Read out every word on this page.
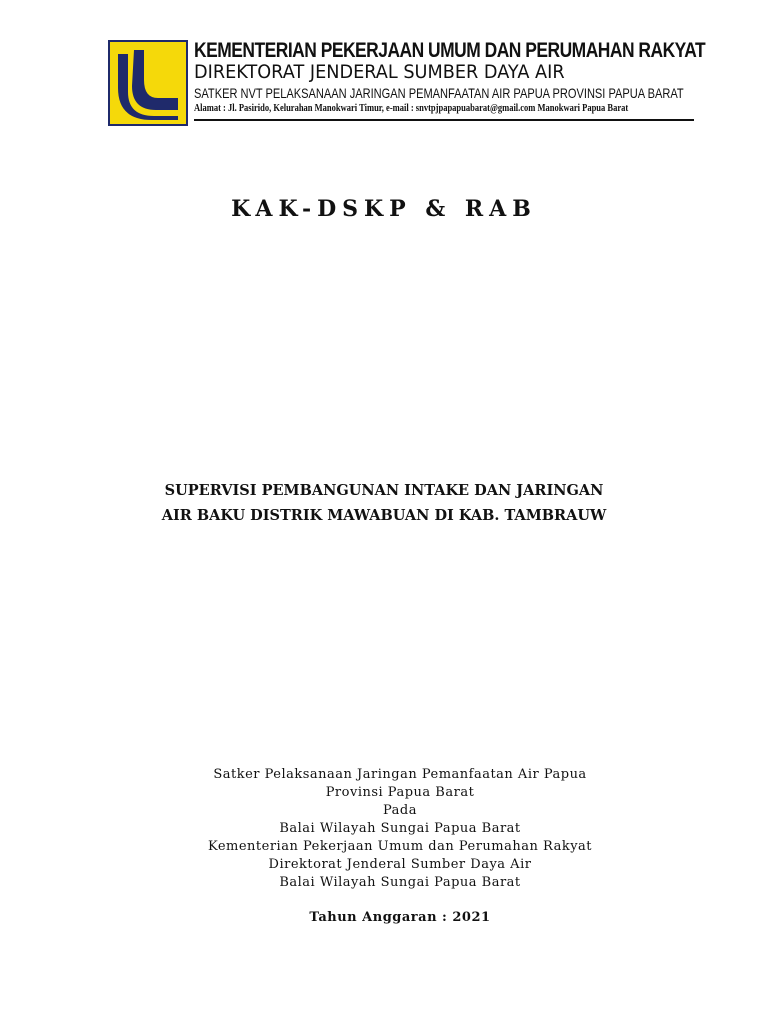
KEMENTERIAN PEKERJAAN UMUM DAN PERUMAHAN RAKYAT
DIREKTORAT JENDERAL SUMBER DAYA AIR
SATKER NVT PELAKSANAAN JARINGAN PEMANFAATAN AIR PAPUA PROVINSI PAPUA BARAT
Alamat : Jl. Pasirido, Kelurahan Manokwari Timur, e-mail : snvtpjpapapuabarat@gmail.com Manokwari Papua Barat
KAK-DSKP & RAB
SUPERVISI PEMBANGUNAN INTAKE DAN JARINGAN
AIR BAKU DISTRIK MAWABUAN DI KAB. TAMBRAUW
Satker Pelaksanaan Jaringan Pemanfaatan Air Papua
Provinsi Papua Barat
Pada
Balai Wilayah Sungai Papua Barat
Kementerian Pekerjaan Umum dan Perumahan Rakyat
Direktorat Jenderal Sumber Daya Air
Balai Wilayah Sungai Papua Barat
Tahun Anggaran : 2021
